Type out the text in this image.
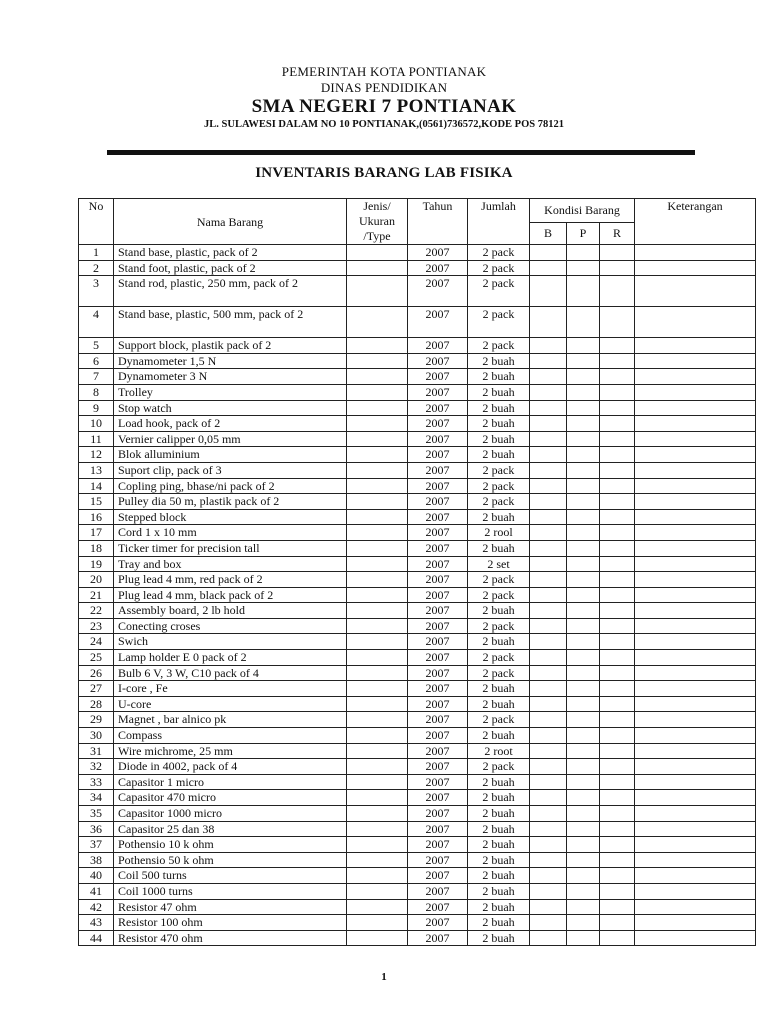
PEMERINTAH KOTA PONTIANAK
DINAS PENDIDIKAN
SMA NEGERI 7 PONTIANAK
JL. SULAWESI DALAM NO 10 PONTIANAK,(0561)736572,KODE POS 78121
INVENTARIS BARANG LAB FISIKA
No	Nama Barang	Jenis/ Ukuran /Type	Tahun	Jumlah	Kondisi Barang			Keterangan
					B	P	R	
1	Stand base, plastic, pack of 2		2007	2 pack				
2	Stand foot, plastic, pack of 2		2007	2 pack				
3	Stand rod, plastic, 250 mm, pack of 2		2007	2 pack				
4	Stand base, plastic, 500 mm, pack of 2		2007	2 pack				
5	Support block, plastik pack of 2		2007	2 pack				
6	Dynamometer 1,5 N		2007	2 buah				
7	Dynamometer 3 N		2007	2 buah				
8	Trolley		2007	2 buah				
9	Stop watch		2007	2 buah				
10	Load hook, pack of 2		2007	2 buah				
11	Vernier calipper 0,05 mm		2007	2 buah				
12	Blok alluminium		2007	2 buah				
13	Suport clip, pack of 3		2007	2 pack				
14	Copling ping, bhase/ni pack of 2		2007	2 pack				
15	Pulley dia 50 m, plastik pack of 2		2007	2 pack				
16	Stepped block		2007	2 buah				
17	Cord 1 x 10 mm		2007	2 rool				
18	Ticker timer for precision tall		2007	2 buah				
19	Tray and box		2007	2 set				
20	Plug lead 4 mm, red pack of 2		2007	2 pack				
21	Plug lead 4 mm, black pack of 2		2007	2 pack				
22	Assembly board, 2 lb hold		2007	2 buah				
23	Conecting croses		2007	2 pack				
24	Swich		2007	2 buah				
25	Lamp holder E 0 pack of 2		2007	2 pack				
26	Bulb 6 V, 3 W, C10 pack of 4		2007	2 pack				
27	I-core , Fe		2007	2 buah				
28	U-core		2007	2 buah				
29	Magnet , bar alnico pk		2007	2 pack				
30	Compass		2007	2 buah				
31	Wire michrome, 25 mm		2007	2 root				
32	Diode in 4002, pack of 4		2007	2 pack				
33	Capasitor 1 micro		2007	2 buah				
34	Capasitor 470 micro		2007	2 buah				
35	Capasitor 1000 micro		2007	2 buah				
36	Capasitor 25 dan 38		2007	2 buah				
37	Pothensio 10 k ohm		2007	2 buah				
38	Pothensio 50 k ohm		2007	2 buah				
40	Coil 500 turns		2007	2 buah				
41	Coil 1000 turns		2007	2 buah				
42	Resistor 47 ohm		2007	2 buah				
43	Resistor 100 ohm		2007	2 buah				
44	Resistor 470 ohm		2007	2 buah				
1
